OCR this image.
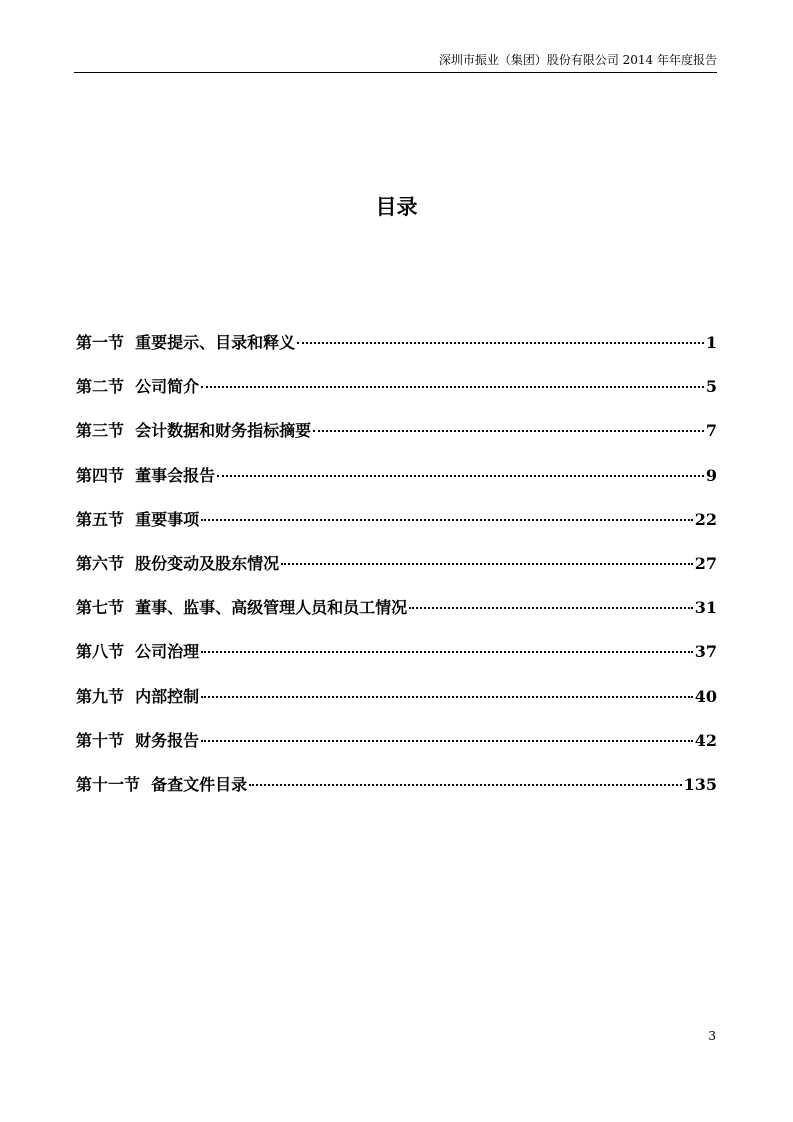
深圳市振业（集团）股份有限公司 2014 年年度报告
目录
第一节 重要提示、目录和释义	1
第二节 公司简介	5
第三节 会计数据和财务指标摘要	7
第四节 董事会报告	9
第五节 重要事项	22
第六节 股份变动及股东情况	27
第七节 董事、监事、高级管理人员和员工情况	31
第八节 公司治理	37
第九节 内部控制	40
第十节 财务报告	42
第十一节 备查文件目录	135
3
